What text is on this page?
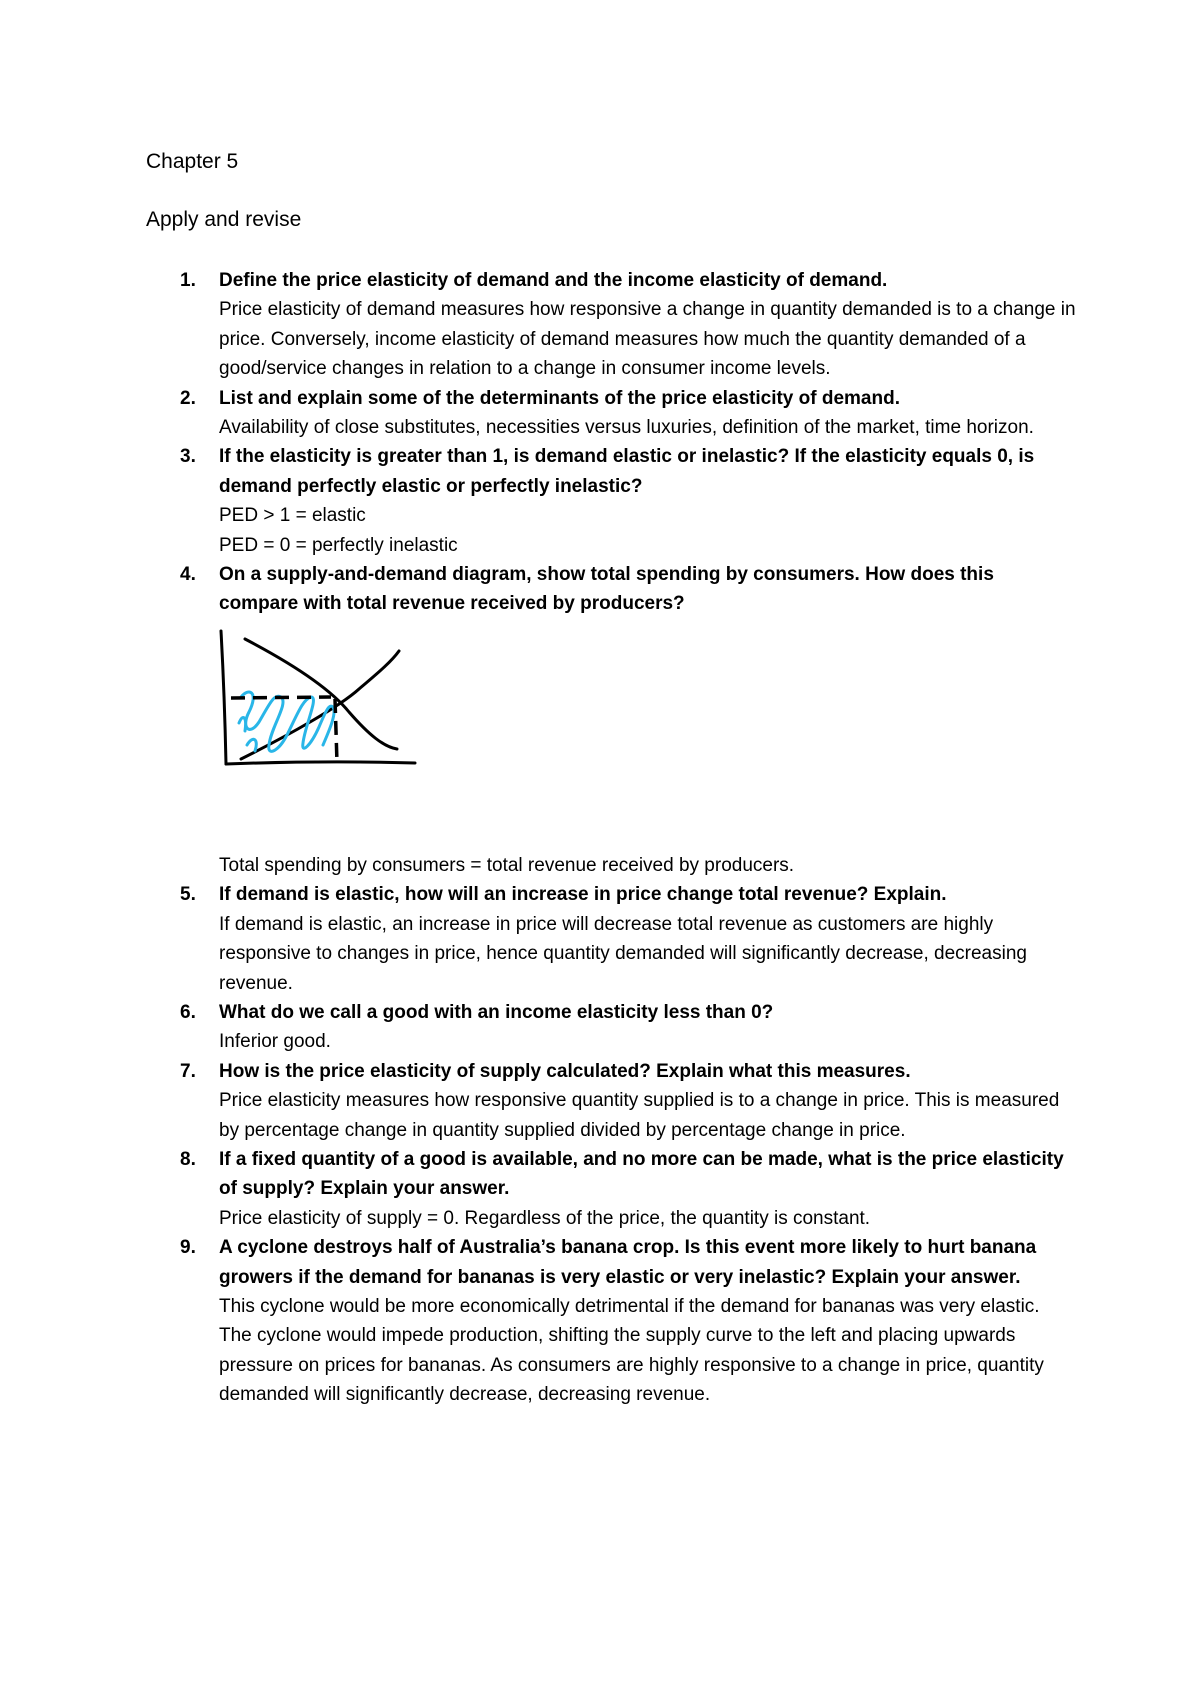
Chapter 5
Apply and revise
1. Define the price elasticity of demand and the income elasticity of demand.

Price elasticity of demand measures how responsive a change in quantity demanded is to a change in price. Conversely, income elasticity of demand measures how much the quantity demanded of a good/service changes in relation to a change in consumer income levels.

2. List and explain some of the determinants of the price elasticity of demand.

Availability of close substitutes, necessities versus luxuries, definition of the market, time horizon.

3. If the elasticity is greater than 1, is demand elastic or inelastic? If the elasticity equals 0, is demand perfectly elastic or perfectly inelastic?

PED > 1 = elastic

PED = 0 = perfectly inelastic

4. On a supply-and-demand diagram, show total spending by consumers. How does this compare with total revenue received by producers?

Total spending by consumers = total revenue received by producers.

5. If demand is elastic, how will an increase in price change total revenue? Explain.

If demand is elastic, an increase in price will decrease total revenue as customers are highly responsive to changes in price, hence quantity demanded will significantly decrease, decreasing revenue.

6. What do we call a good with an income elasticity less than 0?

Inferior good.

7. How is the price elasticity of supply calculated? Explain what this measures.

Price elasticity measures how responsive quantity supplied is to a change in price. This is measured by percentage change in quantity supplied divided by percentage change in price.

8. If a fixed quantity of a good is available, and no more can be made, what is the price elasticity of supply? Explain your answer.

Price elasticity of supply = 0. Regardless of the price, the quantity is constant.

9. A cyclone destroys half of Australia’s banana crop. Is this event more likely to hurt banana growers if the demand for bananas is very elastic or very inelastic? Explain your answer.

This cyclone would be more economically detrimental if the demand for bananas was very elastic. The cyclone would impede production, shifting the supply curve to the left and placing upwards pressure on prices for bananas. As consumers are highly responsive to a change in price, quantity demanded will significantly decrease, decreasing revenue.
